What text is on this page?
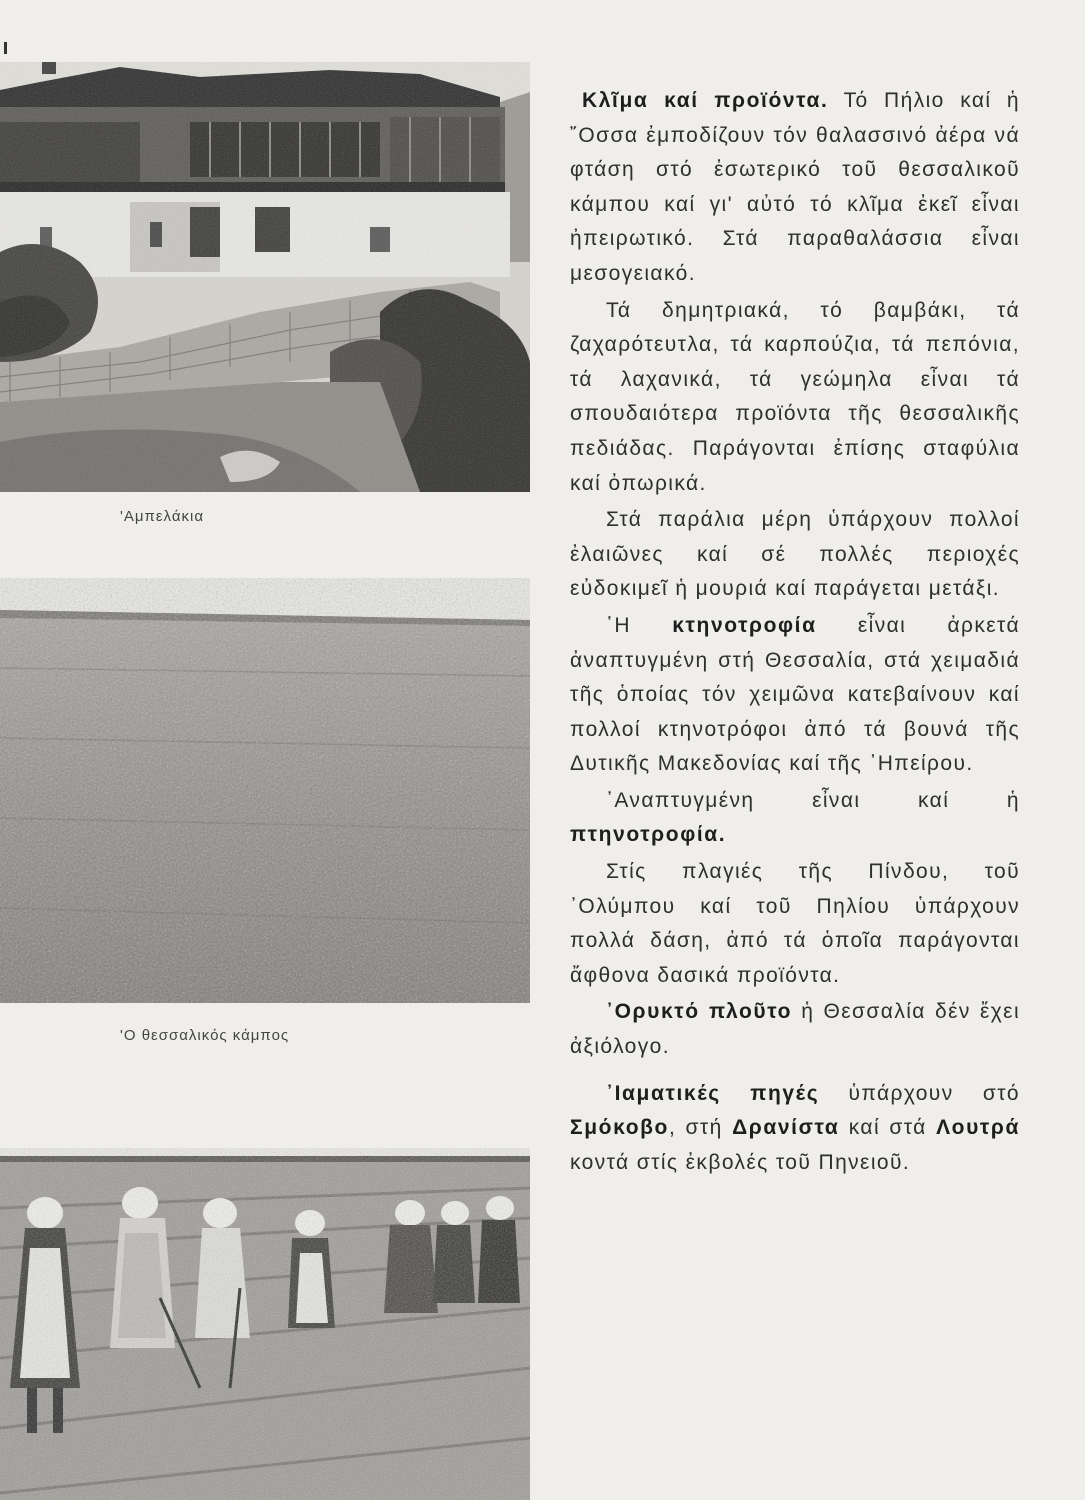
'Αμπελάκια
'Ο θεσσαλικός κάμπος

Κλῖμα καί προϊόντα. Τό Πήλιο καί ἡ ῎Οσσα ἐμποδίζουν τόν θαλασσινό ἀέρα νά φτάση στό ἐσωτερικό τοῦ θεσσαλικοῦ κάμπου καί γι' αὐτό τό κλῖμα ἐκεῖ εἶναι ἠπειρωτικό. Στά παραθαλάσσια εἶναι μεσογειακό.

Τά δημητριακά, τό βαμβάκι, τά ζαχαρότευτλα, τά καρπούζια, τά πεπόνια, τά λαχανικά, τά γεώμηλα εἶναι τά σπουδαιότερα προϊόντα τῆς θεσσαλικῆς πεδιάδας. Παράγονται ἐπίσης σταφύλια καί ὀπωρικά.

Στά παράλια μέρη ὑπάρχουν πολλοί ἐλαιῶνες καί σέ πολλές περιοχές εὐδοκιμεῖ ἡ μουριά καί παράγεται μετάξι.

῾Η κτηνοτροφία εἶναι ἀρκετά ἀναπτυγμένη στή Θεσσαλία, στά χειμαδιά τῆς ὁποίας τόν χειμῶνα κατεβαίνουν καί πολλοί κτηνοτρόφοι ἀπό τά βουνά τῆς Δυτικῆς Μακεδονίας καί τῆς ᾿Ηπείρου.

᾿Αναπτυγμένη εἶναι καί ἡ πτηνοτροφία.

Στίς πλαγιές τῆς Πίνδου, τοῦ ᾿Ολύμπου καί τοῦ Πηλίου ὑπάρχουν πολλά δάση, ἀπό τά ὁποῖα παράγονται ἄφθονα δασικά προϊόντα.

᾿Ορυκτό πλοῦτο ἡ Θεσσαλία δέν ἔχει ἀξιόλογο.

᾿Ιαματικές πηγές ὑπάρχουν στό Σμόκοβο, στή Δρανίστα καί στά Λουτρά κοντά στίς ἐκβολές τοῦ Πηνειοῦ.
